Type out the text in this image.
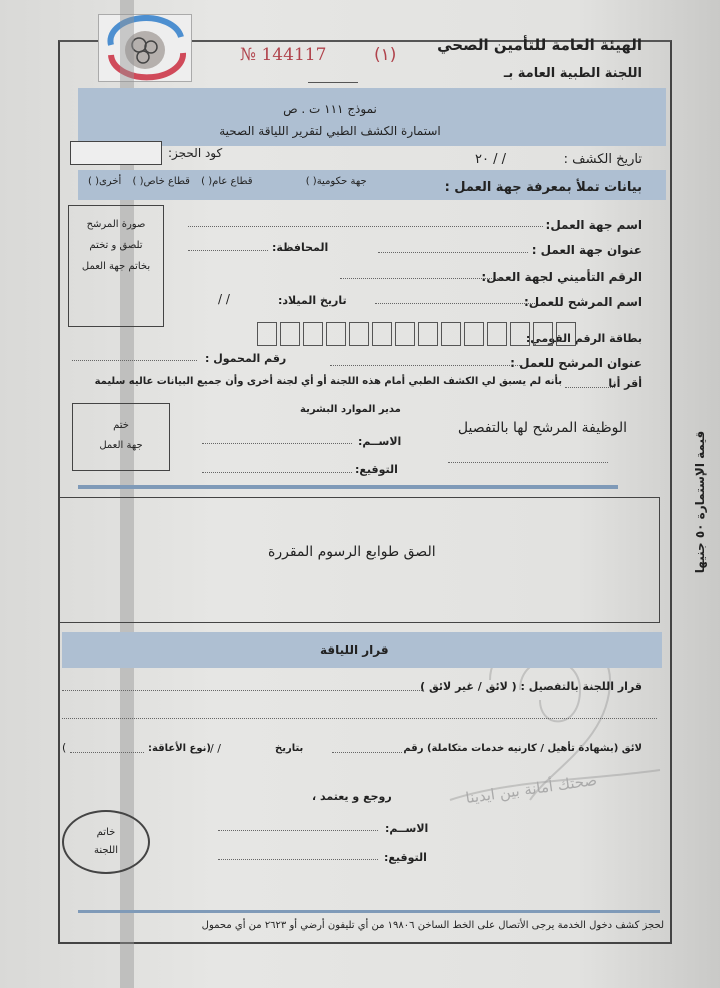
№ 144117	(١)	الهيئة العامة للتأمين الصحي
اللجنة الطبية العامة بـ
نموذج ١١١ ت . ص
استمارة الكشف الطبي لتقرير اللياقة الصحية
كود الحجز:	تاريخ الكشف :
/ / ٢٠
بيانات تملأ بمعرفة جهة العمل :
جهة حكومية( ) قطاع عام( ) قطاع خاص( ) أخرى( )
صورة المرشح
تلصق و تختم
بخاتم جهة العمل
اسم جهة العمل:
عنوان جهة العمل :
المحافظة:
الرقم التأميني لجهة العمل:
اسم المرشح للعمل:
تاريخ الميلاد:
/ /
بطاقة الرقم القومي:
عنوان المرشح للعمل :
رقم المحمول :
أقر أنا
بأنه لم يسبق لي الكشف الطبي أمام هذه اللجنة أو أي لجنة أخرى وأن جميع البيانات عاليه سليمة
ختم
جهة العمل
مدير الموارد البشرية
الاســم:
التوقيع:
الوظيفة المرشح لها بالتفصيل
الصق طوابع الرسوم المقررة
صحتك أمانة بين ايدينا
قرار اللياقة
قرار اللجنة بالتفصيل : ( لائق / غير لائق )
لائق (بشهادة تأهيل / كارنيه خدمات متكاملة) رقم
بتاريخ
/ /
(نوع الأعاقة:
)
روجع و يعتمد ،
الاســم:
التوقيع:
خاتم
اللجنة
لحجز كشف دخول الخدمة يرجى الأتصال على الخط الساخن ١٩٨٠٦ من أي تليفون أرضي أو ٢٦٢٣ من أي محمول
قيمة الإستمارة ٥٠ جنيها
